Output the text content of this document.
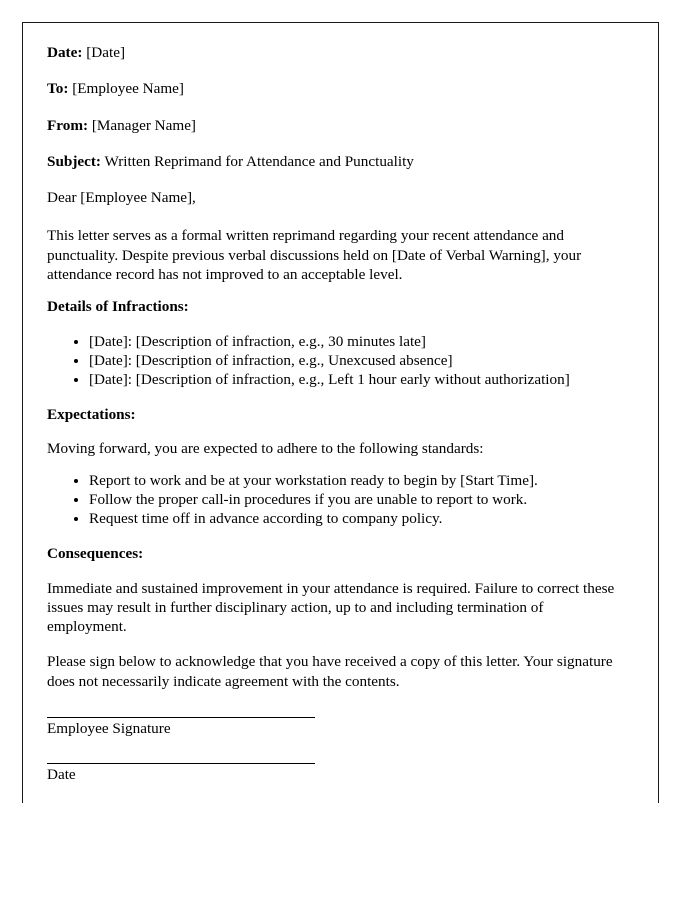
Date: [Date]

To: [Employee Name]

From: [Manager Name]

Subject: Written Reprimand for Attendance and Punctuality

Dear [Employee Name],

This letter serves as a formal written reprimand regarding your recent attendance and punctuality. Despite previous verbal discussions held on [Date of Verbal Warning], your attendance record has not improved to an acceptable level.

Details of Infractions:

• [Date]: [Description of infraction, e.g., 30 minutes late]
• [Date]: [Description of infraction, e.g., Unexcused absence]
• [Date]: [Description of infraction, e.g., Left 1 hour early without authorization]

Expectations:

Moving forward, you are expected to adhere to the following standards:

• Report to work and be at your workstation ready to begin by [Start Time].
• Follow the proper call-in procedures if you are unable to report to work.
• Request time off in advance according to company policy.

Consequences:

Immediate and sustained improvement in your attendance is required. Failure to correct these issues may result in further disciplinary action, up to and including termination of employment.

Please sign below to acknowledge that you have received a copy of this letter. Your signature does not necessarily indicate agreement with the contents.

Employee Signature
Date
